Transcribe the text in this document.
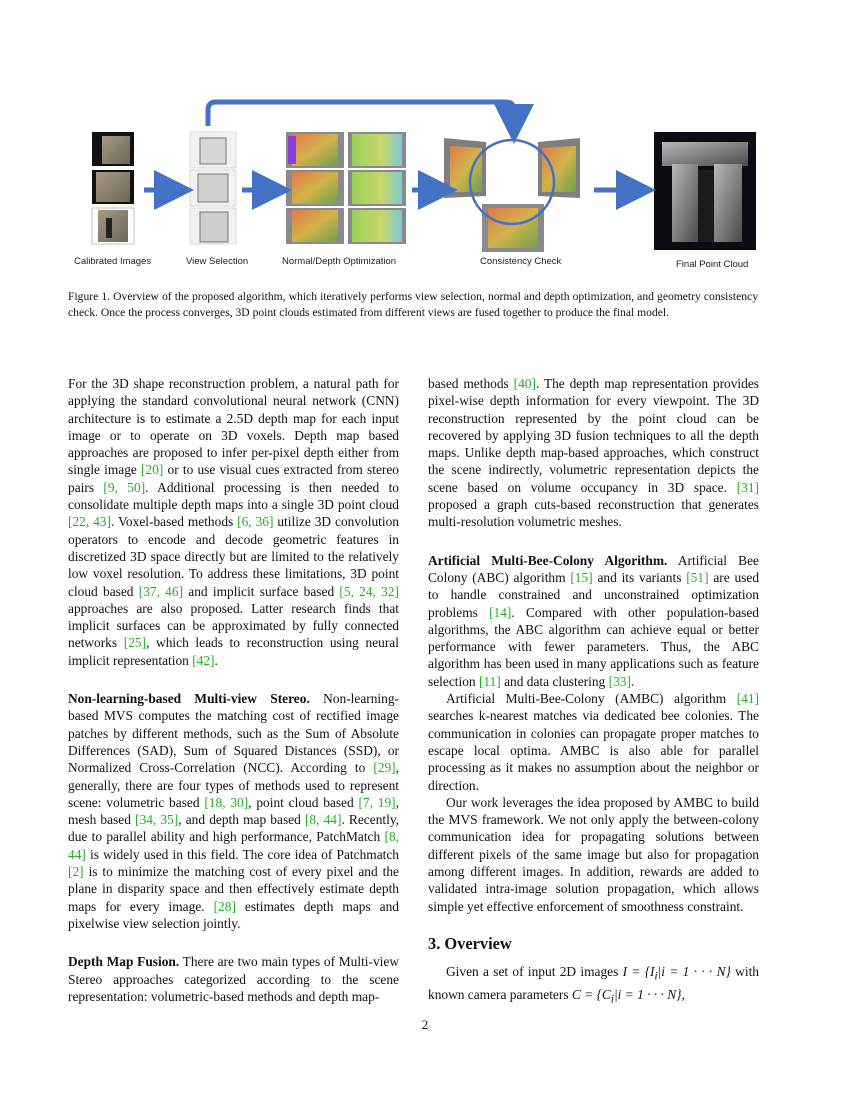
Calibrated Images	View Selection	Normal/Depth Optimization	Consistency Check	Final Point Cloud
Figure 1. Overview of the proposed algorithm, which iteratively performs view selection, normal and depth optimization, and geometry consistency check. Once the process converges, 3D point clouds estimated from different views are fused together to produce the final model.

For the 3D shape reconstruction problem, a natural path for applying the standard convolutional neural network (CNN) architecture is to estimate a 2.5D depth map for each input image or to operate on 3D voxels. Depth map based approaches are proposed to infer per-pixel depth either from single image [20] or to use visual cues extracted from stereo pairs [9, 50]. Additional processing is then needed to consolidate multiple depth maps into a single 3D point cloud [22, 43]. Voxel-based methods [6, 36] utilize 3D convolution operators to encode and decode geometric features in discretized 3D space directly but are limited to the relatively low voxel resolution. To address these limitations, 3D point cloud based [37, 46] and implicit surface based [5, 24, 32] approaches are also proposed. Latter research finds that implicit surfaces can be approximated by fully connected networks [25], which leads to reconstruction using neural implicit representation [42].

Non-learning-based Multi-view Stereo. Non-learning-based MVS computes the matching cost of rectified image patches by different methods, such as the Sum of Absolute Differences (SAD), Sum of Squared Distances (SSD), or Normalized Cross-Correlation (NCC). According to [29], generally, there are four types of methods used to represent scene: volumetric based [18, 30], point cloud based [7, 19], mesh based [34, 35], and depth map based [8, 44]. Recently, due to parallel ability and high performance, PatchMatch [8, 44] is widely used in this field. The core idea of Patchmatch [2] is to minimize the matching cost of every pixel and the plane in disparity space and then effectively estimate depth maps for every image. [28] estimates depth maps and pixelwise view selection jointly.

Depth Map Fusion. There are two main types of Multi-view Stereo approaches categorized according to the scene representation: volumetric-based methods and depth map-

based methods [40]. The depth map representation provides pixel-wise depth information for every viewpoint. The 3D reconstruction represented by the point cloud can be recovered by applying 3D fusion techniques to all the depth maps. Unlike depth map-based approaches, which construct the scene indirectly, volumetric representation depicts the scene based on volume occupancy in 3D space. [31] proposed a graph cuts-based reconstruction that generates multi-resolution volumetric meshes.

Artificial Multi-Bee-Colony Algorithm. Artificial Bee Colony (ABC) algorithm [15] and its variants [51] are used to handle constrained and unconstrained optimization problems [14]. Compared with other population-based algorithms, the ABC algorithm can achieve equal or better performance with fewer parameters. Thus, the ABC algorithm has been used in many applications such as feature selection [11] and data clustering [33].

Artificial Multi-Bee-Colony (AMBC) algorithm [41] searches k-nearest matches via dedicated bee colonies. The communication in colonies can propagate proper matches to escape local optima. AMBC is also able for parallel processing as it makes no assumption about the neighbor or direction.

Our work leverages the idea proposed by AMBC to build the MVS framework. We not only apply the between-colony communication idea for propagating solutions between different pixels of the same image but also for propagation among different images. In addition, rewards are added to validated intra-image solution propagation, which allows simple yet effective enforcement of smoothness constraint.

3. Overview

Given a set of input 2D images $I = \{I_i|i = 1$ · · · N} with known camera parameters $C = \{C_i|i = 1$ · · · N},

2
